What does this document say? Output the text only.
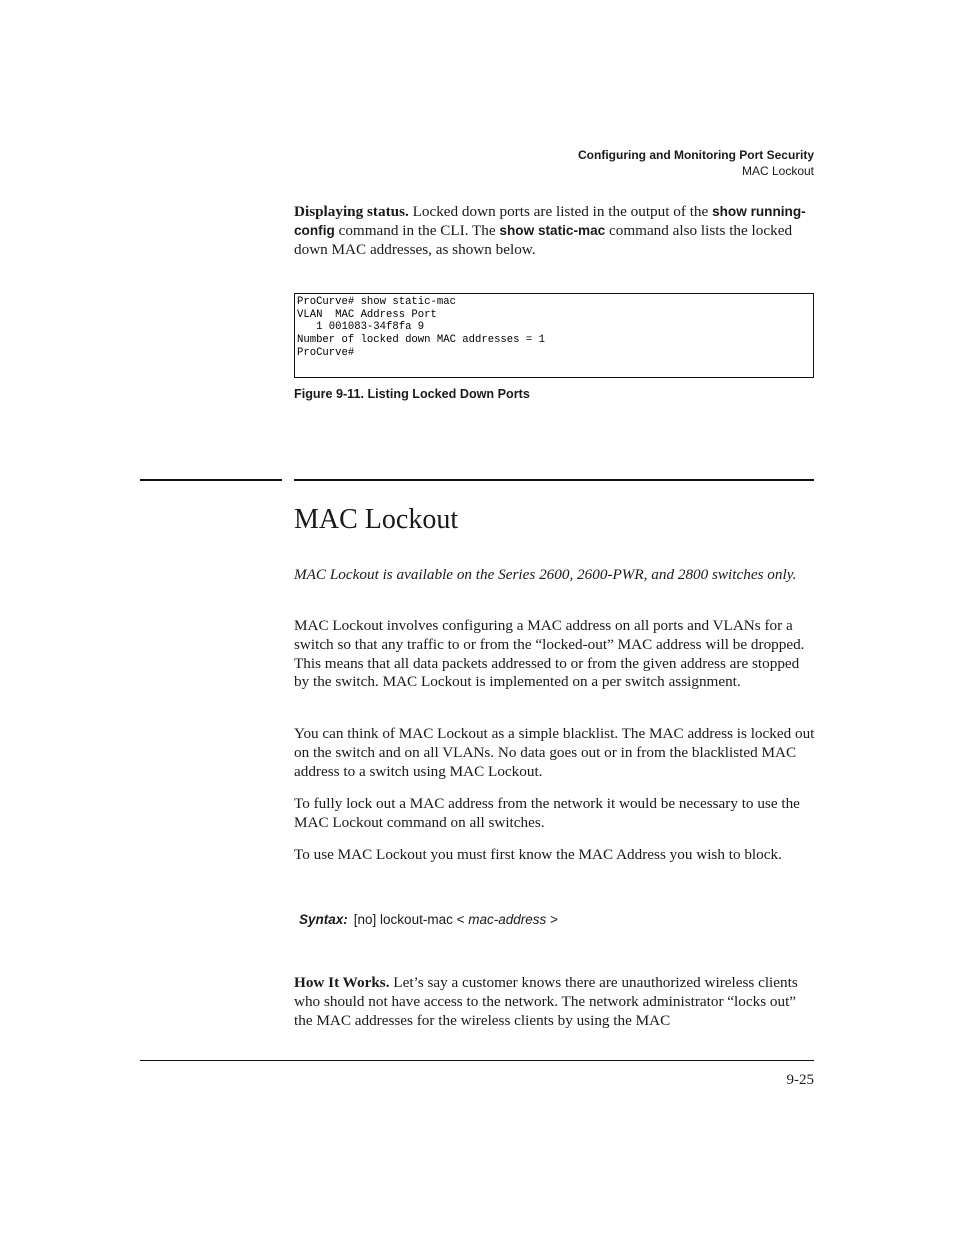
Configuring and Monitoring Port Security
MAC Lockout

Displaying status. Locked down ports are listed in the output of the show running-config command in the CLI. The show static-mac command also lists the locked down MAC addresses, as shown below.

ProCurve# show static-mac
VLAN  MAC Address Port
1 001083-34f8fa 9
Number of locked down MAC addresses = 1
ProCurve#
Figure 9-11. Listing Locked Down Ports
MAC Lockout

MAC Lockout is available on the Series 2600, 2600-PWR, and 2800 switches only.

MAC Lockout involves configuring a MAC address on all ports and VLANs for a switch so that any traffic to or from the “locked-out” MAC address will be dropped. This means that all data packets addressed to or from the given address are stopped by the switch. MAC Lockout is implemented on a per switch assignment.

You can think of MAC Lockout as a simple blacklist. The MAC address is locked out on the switch and on all VLANs. No data goes out or in from the blacklisted MAC address to a switch using MAC Lockout.

To fully lock out a MAC address from the network it would be necessary to use the MAC Lockout command on all switches.

To use MAC Lockout you must first know the MAC Address you wish to block.

Syntax: [no] lockout-mac < mac-address >

How It Works. Let’s say a customer knows there are unauthorized wireless clients who should not have access to the network. The network administrator “locks out” the MAC addresses for the wireless clients by using the MAC

9-25
